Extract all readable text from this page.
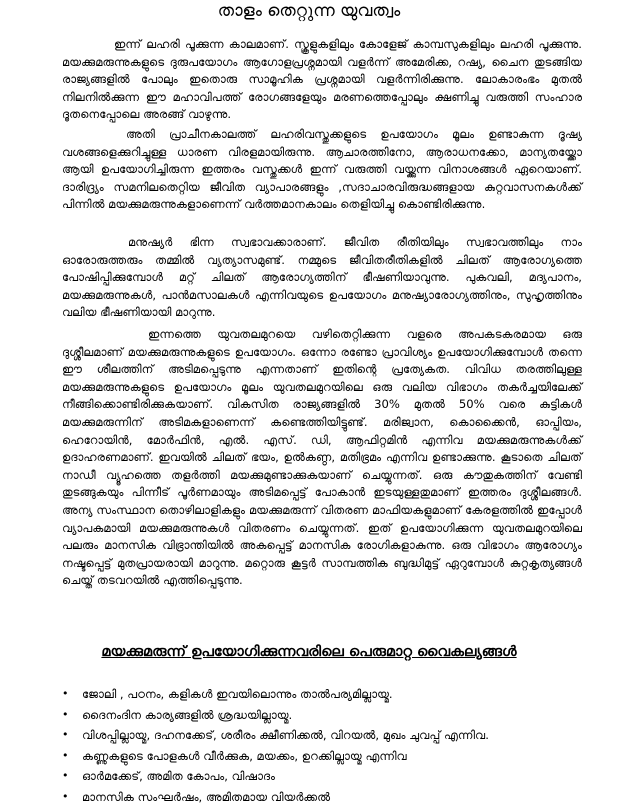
താളം തെറ്റുന്ന യുവത്വം

ഇന്ന് ലഹരി പൂക്കുന്ന കാലമാണ്. സ്കൂളുകളിലും കോളേജ് കാമ്പസുകളിലും ലഹരി പൂക്കുന്നു. മയക്കുമരുന്നുകളുടെ ദുരുപയോഗം ആഗോളപ്രശ്നമായി വളർന്ന് അമേരിക്ക, റഷ്യ, ചൈന തുടങ്ങിയ രാജ്യങ്ങളിൽ പോലും ഇതൊരു സാമൂഹിക പ്രശ്നമായി വളർന്നിരിക്കുന്നു. ലോകാരംഭം മുതൽ നിലനിൽക്കുന്ന ഈ മഹാവിപത്ത് രോഗങ്ങളേയും മരണത്തെപ്പോലും ക്ഷണിച്ചു വരുത്തി സംഹാര ദൂതനെപ്പോലെ അരങ്ങ് വാഴുന്നു.

അതി പ്രാചീനകാലത്ത് ലഹരിവസ്തുക്കളുടെ ഉപയോഗം മൂലം ഉണ്ടാകുന്ന ദൂഷ്യ വശങ്ങളെക്കുറിച്ചുള്ള ധാരണ വിരളമായിരുന്നു. ആചാരത്തിനോ, ആരാധനക്കോ, മാന്യതയ്ക്കോ ആയി ഉപയോഗിച്ചിരുന്ന ഇത്തരം വസ്തുക്കൾ ഇന്ന് വരുത്തി വയ്ക്കുന്ന വിനാശങ്ങൾ ഏറെയാണ്. ദാരിദ്ര്യം സമനിലതെറ്റിയ ജീവിത വ്യാപാരങ്ങളും ,സദാചാരവിരുദ്ധങ്ങളായ കുറ്റവാസനകൾക്ക് പിന്നിൽ മയക്കുമരുന്നുകളാണെന്ന് വർത്തമാനകാലം തെളിയിച്ചു കൊണ്ടിരിക്കുന്നു.

മനുഷ്യർ ഭിന്ന സ്വഭാവക്കാരാണ്. ജീവിത രീതിയിലും സ്വഭാവത്തിലും നാം ഓരോരുത്തരും തമ്മിൽ വ്യത്യാസമുണ്ട്. നമ്മുടെ ജീവിതരീതികളിൽ ചിലത് ആരോഗ്യത്തെ പോഷിപ്പിക്കുമ്പോൾ മറ്റ് ചിലത് ആരോഗ്യത്തിന് ഭീഷണിയാവുന്നു. പുകവലി, മദ്യപാനം, മയക്കുമരുന്നുകൾ, പാൻമസാലകൾ എന്നിവയുടെ ഉപയോഗം മനുഷ്യാരോഗ്യത്തിനും, സുഹൃത്തിനും വലിയ ഭീഷണിയായി മാറുന്നു.

ഇന്നത്തെ യുവതലമുറയെ വഴിതെറ്റിക്കുന്ന വളരെ അപകടകരമായ ഒരു ദുശ്ശീലമാണ് മയക്കുമരുന്നുകളുടെ ഉപയോഗം. ഒന്നോ രണ്ടോ പ്രാവിശ്യം ഉപയോഗിക്കുമ്പോൾ തന്നെ ഈ ശീലത്തിന് അടിമപ്പെടുന്നു എന്നതാണ് ഇതിന്റെ പ്രത്യേകത. വിവിധ തരത്തിലുള്ള മയക്കുമരുന്നുകളുടെ ഉപയോഗം മൂലം യുവതലമുറയിലെ ഒരു വലിയ വിഭാഗം തകർച്ചയിലേക്ക് നീങ്ങിക്കൊണ്ടിരിക്കുകയാണ്. വികസിത രാജ്യങ്ങളിൽ 30% മുതൽ 50% വരെ കുട്ടികൾ മയക്കുമരുന്നിന് അടിമകളാണെന്ന് കണ്ടെത്തിയിട്ടുണ്ട്. മരിജ്വാന, കൊക്കൈൻ, ഓപ്പിയം, ഹെറോയിൻ, മോർഫിൻ, എൽ. എസ്. ഡി, ആഫിറ്റമിൻ എന്നിവ മയക്കുമരുന്നുകൾക്ക് ഉദാഹരണമാണ്. ഇവയിൽ ചിലത് ഭയം, ഉൽകണ്ഠ, മതിഭ്രമം എന്നിവ ഉണ്ടാക്കുന്നു. കൂടാതെ ചിലത് നാഡീ വ്യൂഹത്തെ തളർത്തി മയക്കുമുണ്ടാക്കുകയാണ് ചെയ്യുന്നത്. ഒരു കൗതുകത്തിന് വേണ്ടി തുടങ്ങുകയും പിന്നീട് പൂർണമായും അടിമപ്പെട്ട് പോകാൻ ഇടയുള്ളതുമാണ് ഇത്തരം ദുശ്ശീലങ്ങൾ. അന്യ സംസ്ഥാന തൊഴിലാളികളും മയക്കുമരുന്ന് വിതരണ മാഫിയകളുമാണ് കേരളത്തിൽ ഇപ്പോൾ വ്യാപകമായി മയക്കുമരുന്നുകൾ വിതരണം ചെയ്യുന്നത്. ഇത് ഉപയോഗിക്കുന്ന യുവതലമുറയിലെ പലരും മാനസിക വിഭ്രാന്തിയിൽ അകപ്പെട്ട് മാനസിക രോഗികളാകുന്നു. ഒരു വിഭാഗം ആരോഗ്യം നഷ്ടപ്പെട്ട് മുതപ്രായരായി മാറുന്നു. മറ്റൊരു കൂട്ടർ സാമ്പത്തിക ബുദ്ധിമുട്ട് ഏറുമ്പോൾ കുറ്റകൃത്യങ്ങൾ ചെയ്ത് തടവറയിൽ എത്തിപ്പെടുന്നു.

മയക്കുമരുന്ന് ഉപയോഗിക്കുന്നവരിലെ പെരുമാറ്റ വൈകല്യങ്ങൾ
• ജോലി , പഠനം, കളികൾ ഇവയിലൊന്നും താൽപര്യമില്ലായ്മ.
• ദൈനംദിന കാര്യങ്ങളിൽ ശ്രദ്ധയില്ലായ്മ.
• വിശപ്പില്ലായ്മ, ദഹനക്കേട്, ശരീരം ക്ഷീണിക്കൽ, വിറയൽ, മുഖം ചുവപ്പ് എന്നിവ.
• കണ്ണുകളുടെ പോളകൾ വീർക്കുക, മയക്കം, ഉറക്കില്ലായ്മ എന്നിവ
• ഓർമക്കേട്, അമിത കോപം, വിഷാദം
• മാനസിക സംഘർഷം, അമിതമായ വിയർക്കൽ
